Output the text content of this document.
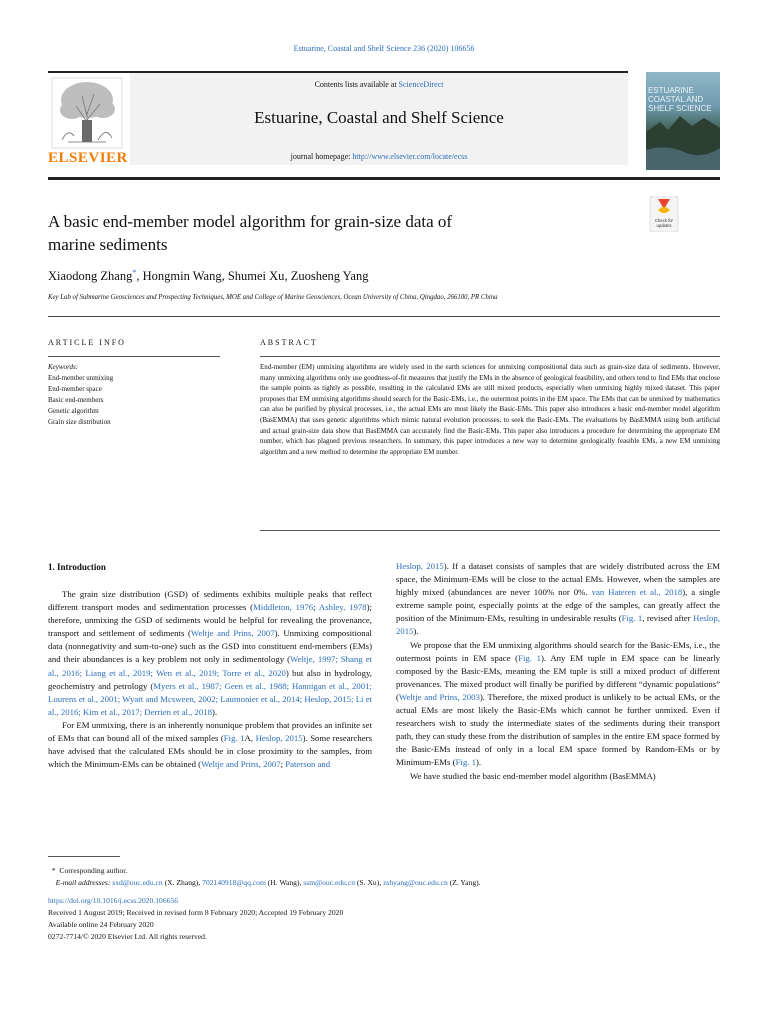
Estuarine, Coastal and Shelf Science 236 (2020) 106656
ELSEVIER
Contents lists available at ScienceDirect
Estuarine, Coastal and Shelf Science
journal homepage: http://www.elsevier.com/locate/ecss
ESTUARINE
COASTAL AND
SHELF SCIENCE
Check for
updates
A basic end-member model algorithm for grain-size data of
marine sediments
Xiaodong Zhang*, Hongmin Wang, Shumei Xu, Zuosheng Yang
Key Lab of Submarine Geosciences and Prospecting Techniques, MOE and College of Marine Geosciences, Ocean University of China, Qingdao, 266100, PR China
ARTICLE INFO
Keywords:
End-member unmixing
End-member space
Basic end-members
Genetic algorithm
Grain size distribution
ABSTRACT
End-member (EM) unmixing algorithms are widely used in the earth sciences for unmixing compositional data such as grain-size data of sediments. However, many unmixing algorithms only use goodness-of-fit measures that justify the EMs in the absence of geological feasibility, and others tend to find EMs that enclose the sample points as tightly as possible, resulting in the calculated EMs are still mixed products, especially when unmixing highly mixed dataset. This paper proposes that EM unmixing algorithms should search for the Basic-EMs, i.e., the outermost points in the EM space. The EMs that can be unmixed by mathematics can also be purified by physical processes, i.e., the actual EMs are most likely the Basic-EMs. This paper also introduces a basic end-member model algorithm (BasEMMA) that uses genetic algorithms which mimic natural evolution processes, to seek the Basic-EMs. The evaluations by BasEMMA using both artificial and actual grain-size data show that BasEMMA can accurately find the Basic-EMs. This paper also introduces a procedure for determining the appropriate EM number, which has plagued previous researchers. In summary, this paper introduces a new way to determine geologically feasible EMs, a new EM unmixing algorithm and a new method to determine the appropriate EM number.
1. Introduction

The grain size distribution (GSD) of sediments exhibits multiple peaks that reflect different transport modes and sedimentation processes (Middleton, 1976; Ashley, 1978); therefore, unmixing the GSD of sediments would be helpful for revealing the provenance, transport and settlement of sediments (Weltje and Prins, 2007). Unmixing compositional data (nonnegativity and sum-to-one) such as the GSD into constituent end-members (EMs) and their abundances is a key problem not only in sedimentology (Weltje, 1997; Shang et al., 2016; Liang et al., 2019; Wen et al., 2019; Torre et al., 2020) but also in hydrology, geochemistry and petrology (Myers et al., 1987; Geen et al., 1988; Hannigan et al., 2001; Lourens et al., 2001; Wyatt and Mcsween, 2002; Laumonier et al., 2014; Heslop, 2015; Li et al., 2016; Kim et al., 2017; Derrien et al., 2018).

For EM unmixing, there is an inherently nonunique problem that provides an infinite set of EMs that can bound all of the mixed samples (Fig. 1A, Heslop, 2015). Some researchers have advised that the calculated EMs should be in close proximity to the samples, from which the Minimum-EMs can be obtained (Weltje and Prins, 2007; Paterson and

Heslop, 2015). If a dataset consists of samples that are widely distributed across the EM space, the Minimum-EMs will be close to the actual EMs. However, when the samples are highly mixed (abundances are never 100% nor 0%. van Hateren et al., 2018), a single extreme sample point, especially points at the edge of the samples, can greatly affect the position of the Minimum-EMs, resulting in undesirable results (Fig. 1, revised after Heslop, 2015).

We propose that the EM unmixing algorithms should search for the Basic-EMs, i.e., the outermost points in EM space (Fig. 1). Any EM tuple in EM space can be linearly composed by the Basic-EMs, meaning the EM tuple is still a mixed product of different provenances. The mixed product will finally be purified by different “dynamic populations” (Weltje and Prins, 2003). Therefore, the mixed product is unlikely to be actual EMs, or the actual EMs are most likely the Basic-EMs which cannot be further unmixed. Even if researchers wish to study the intermediate states of the sediments during their transport path, they can study these from the distribution of samples in the entire EM space formed by the Basic-EMs instead of only in a local EM space formed by Random-EMs or by Minimum-EMs (Fig. 1).

We have studied the basic end-member model algorithm (BasEMMA)

* Corresponding author.
E-mail addresses: sxd@ouc.edu.cn (X. Zhang), 702140918@qq.com (H. Wang), ssm@ouc.edu.cn (S. Xu), zshyang@ouc.edu.cn (Z. Yang).
https://doi.org/10.1016/j.ecss.2020.106656
Received 1 August 2019; Received in revised form 8 February 2020; Accepted 19 February 2020
Available online 24 February 2020
0272-7714/© 2020 Elsevier Ltd. All rights reserved.
